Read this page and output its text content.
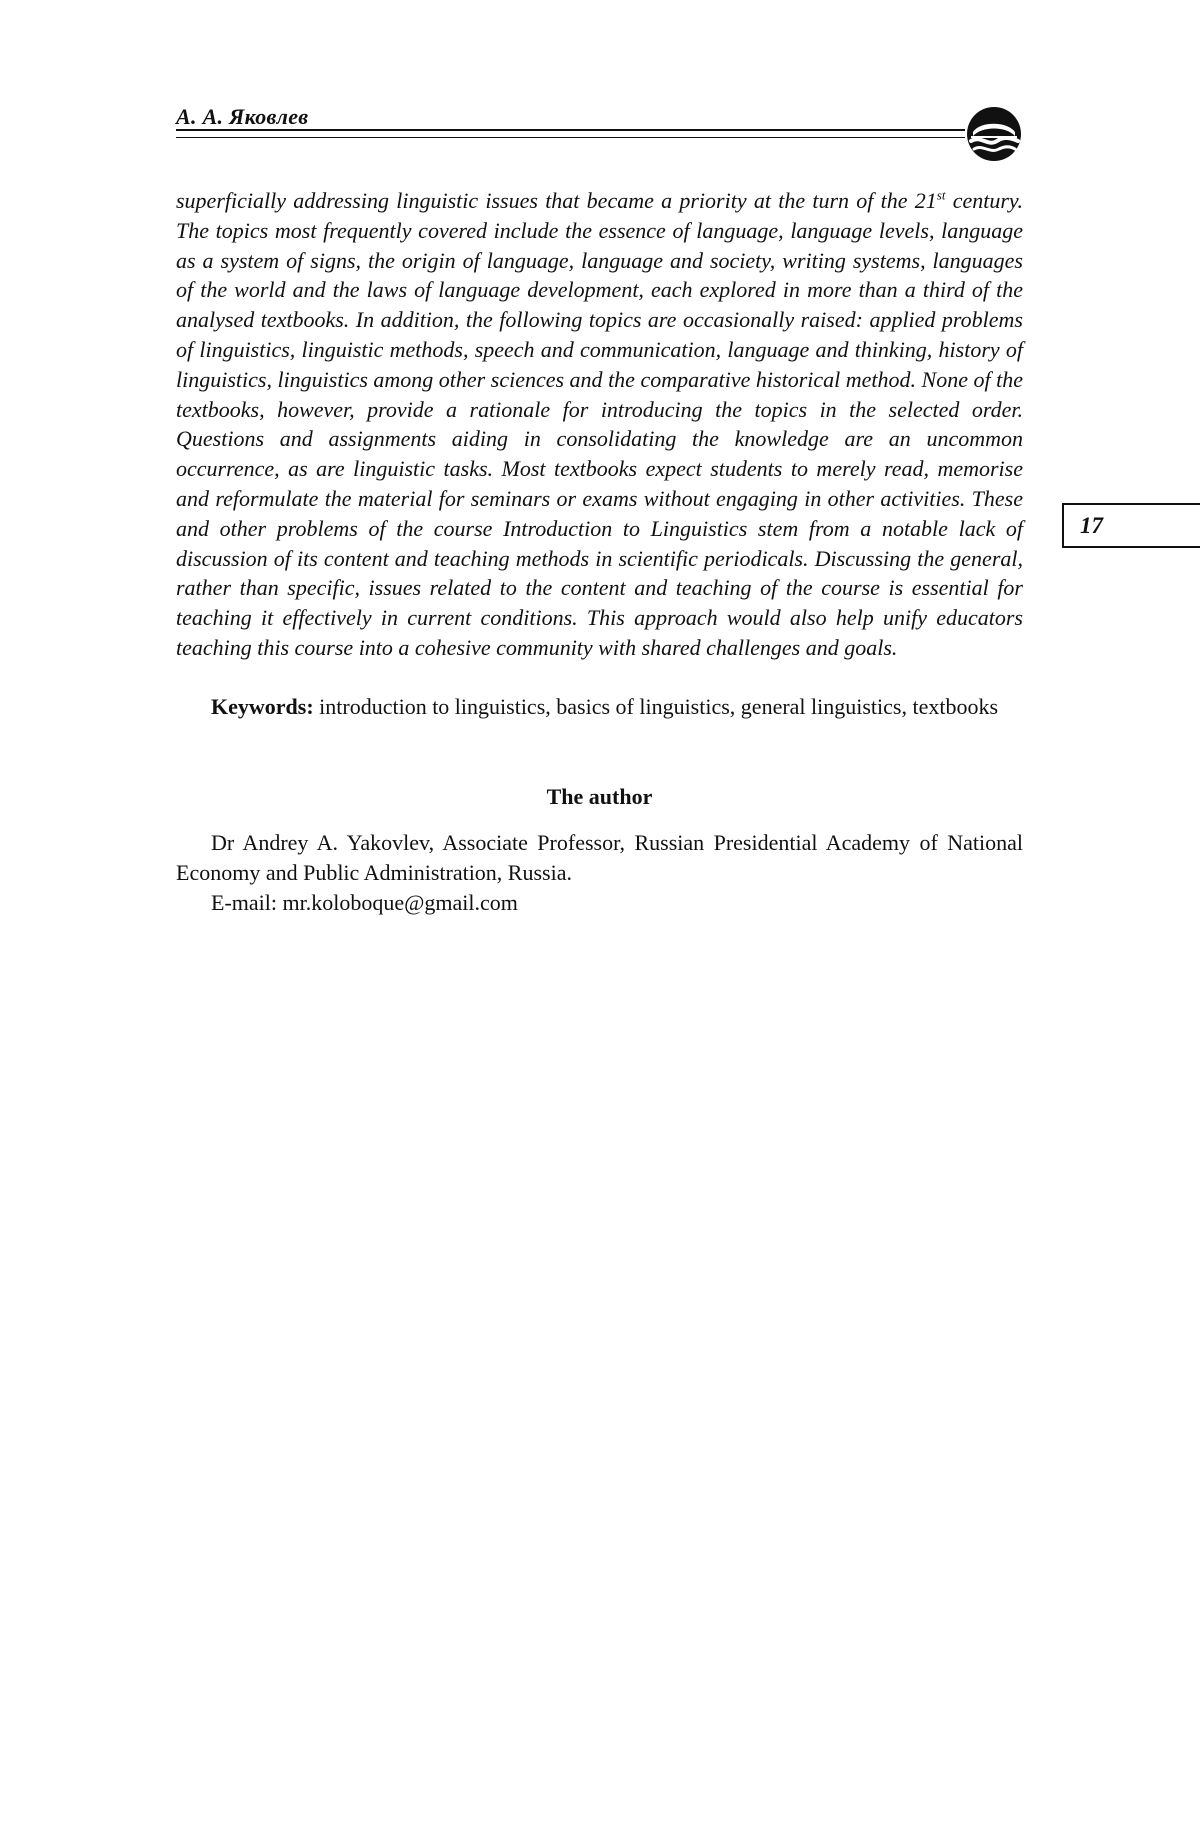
А. А. Яковлев
17

superficially addressing linguistic issues that became a priority at the turn of the 21st century. The topics most frequently covered include the essence of language, language levels, language as a system of signs, the origin of language, language and society, writing systems, languages of the world and the laws of language development, each explored in more than a third of the analysed textbooks. In addition, the following topics are occasionally raised: applied problems of linguistics, linguistic methods, speech and communication, language and thinking, history of linguistics, linguistics among other sciences and the comparative historical method. None of the textbooks, however, provide a rationale for introducing the topics in the selected order. Questions and assignments aiding in consolidating the knowledge are an uncommon occurrence, as are linguistic tasks. Most textbooks expect students to merely read, memorise and reformulate the material for seminars or exams without engaging in other activities. These and other problems of the course Introduction to Linguistics stem from a notable lack of discussion of its content and teaching methods in scientific periodicals. Discussing the general, rather than specific, issues related to the content and teaching of the course is essential for teaching it effectively in current conditions. This approach would also help unify educators teaching this course into a cohesive community with shared challenges and goals.

Keywords: introduction to linguistics, basics of linguistics, general linguistics, textbooks

The author

Dr Andrey A. Yakovlev, Associate Professor, Russian Presidential Academy of National Economy and Public Administration, Russia.

E-mail: mr.koloboque@gmail.com
